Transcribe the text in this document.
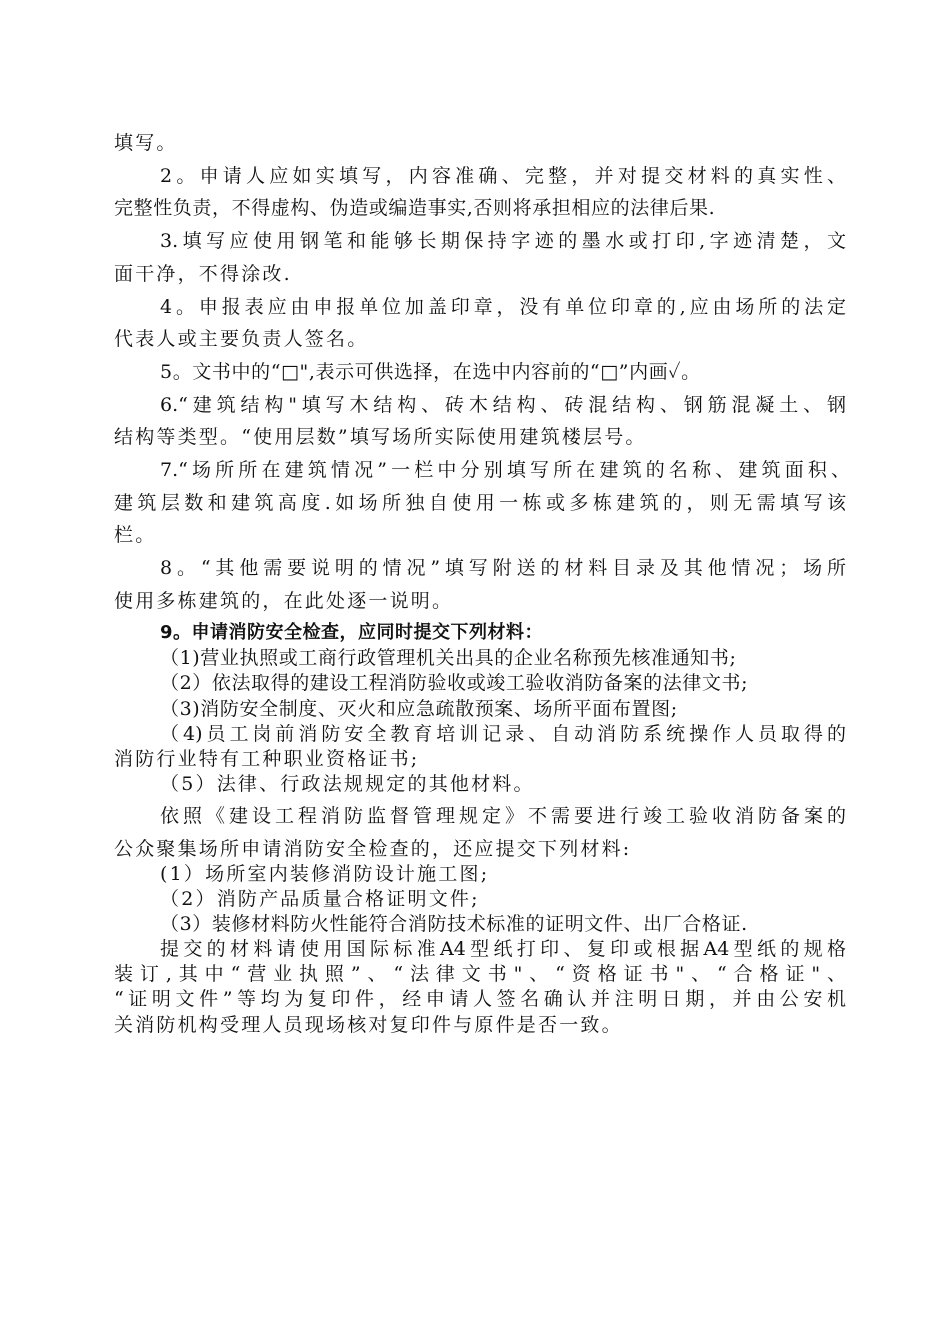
填写。
2。申请人应如实填写，内容准确、完整，并对提交材料的真实性、
完整性负责，不得虚构、伪造或编造事实,否则将承担相应的法律后果.
3.填写应使用钢笔和能够长期保持字迹的墨水或打印,字迹清楚，文
面干净，不得涂改.
4。申报表应由申报单位加盖印章，没有单位印章的,应由场所的法定
代表人或主要负责人签名。
5。文书中的“□",表示可供选择，在选中内容前的“□”内画✓。
6.“建筑结构"填写木结构、砖木结构、砖混结构、钢筋混凝土、钢
结构等类型。“使用层数”填写场所实际使用建筑楼层号。
7.“场所所在建筑情况”一栏中分别填写所在建筑的名称、建筑面积、
建筑层数和建筑高度.如场所独自使用一栋或多栋建筑的，则无需填写该
栏。
8。“其他需要说明的情况”填写附送的材料目录及其他情况；场所
使用多栋建筑的，在此处逐一说明。
9。申请消防安全检查，应同时提交下列材料：
（1)营业执照或工商行政管理机关出具的企业名称预先核准通知书;
（2）依法取得的建设工程消防验收或竣工验收消防备案的法律文书;
（3)消防安全制度、灭火和应急疏散预案、场所平面布置图;
（4)员工岗前消防安全教育培训记录、自动消防系统操作人员取得的
消防行业特有工种职业资格证书;
（5）法律、行政法规规定的其他材料。
依照《建设工程消防监督管理规定》不需要进行竣工验收消防备案的
公众聚集场所申请消防安全检查的，还应提交下列材料:
(1）场所室内装修消防设计施工图;
（2）消防产品质量合格证明文件;
（3）装修材料防火性能符合消防技术标准的证明文件、出厂合格证.
提交的材料请使用国际标准A4型纸打印、复印或根据A4型纸的规格
装订,其中“营业执照”、“法律文书"、“资格证书"、“合格证"、
“证明文件”等均为复印件，经申请人签名确认并注明日期，并由公安机
关消防机构受理人员现场核对复印件与原件是否一致。
